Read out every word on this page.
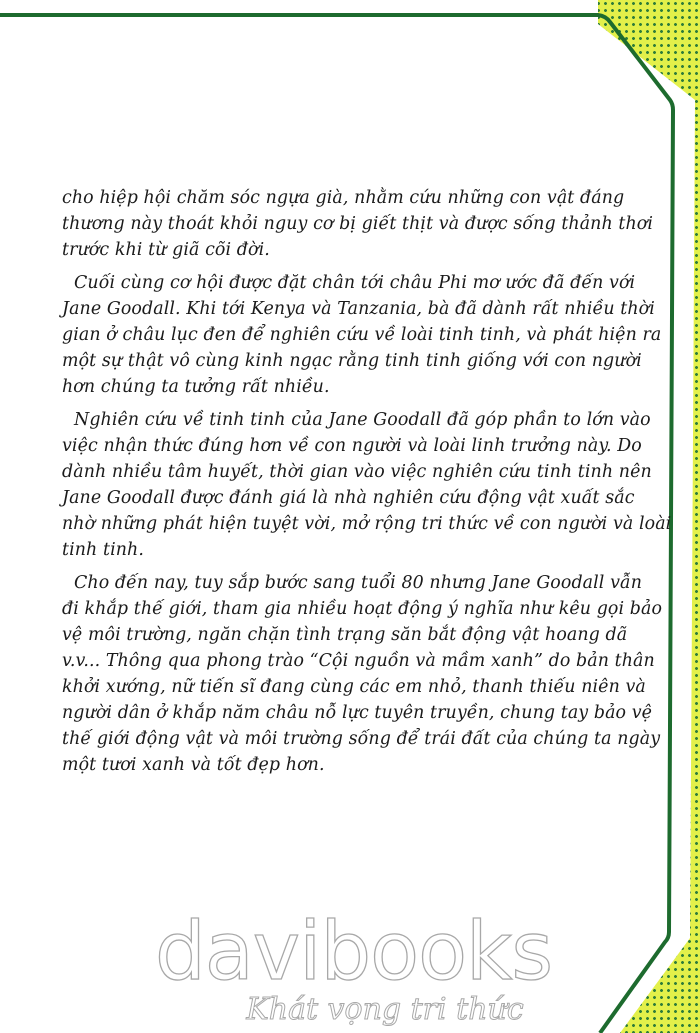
cho hiệp hội chăm sóc ngựa già, nhằm cứu những con vật đáng
thương này thoát khỏi nguy cơ bị giết thịt và được sống thảnh thơi
trước khi từ giã cõi đời.
Cuối cùng cơ hội được đặt chân tới châu Phi mơ ước đã đến với
Jane Goodall. Khi tới Kenya và Tanzania, bà đã dành rất nhiều thời
gian ở châu lục đen để nghiên cứu về loài tinh tinh, và phát hiện ra
một sự thật vô cùng kinh ngạc rằng tinh tinh giống với con người
hơn chúng ta tưởng rất nhiều.
Nghiên cứu về tinh tinh của Jane Goodall đã góp phần to lớn vào
việc nhận thức đúng hơn về con người và loài linh trưởng này. Do
dành nhiều tâm huyết, thời gian vào việc nghiên cứu tinh tinh nên
Jane Goodall được đánh giá là nhà nghiên cứu động vật xuất sắc
nhờ những phát hiện tuyệt vời, mở rộng tri thức về con người và loài
tinh tinh.
Cho đến nay, tuy sắp bước sang tuổi 80 nhưng Jane Goodall vẫn
đi khắp thế giới, tham gia nhiều hoạt động ý nghĩa như kêu gọi bảo
vệ môi trường, ngăn chặn tình trạng săn bắt động vật hoang dã
v.v... Thông qua phong trào “Cội nguồn và mầm xanh” do bản thân
khởi xướng, nữ tiến sĩ đang cùng các em nhỏ, thanh thiếu niên và
người dân ở khắp năm châu nỗ lực tuyên truyền, chung tay bảo vệ
thế giới động vật và môi trường sống để trái đất của chúng ta ngày
một tươi xanh và tốt đẹp hơn.
davibooks
Khát vọng tri thức
